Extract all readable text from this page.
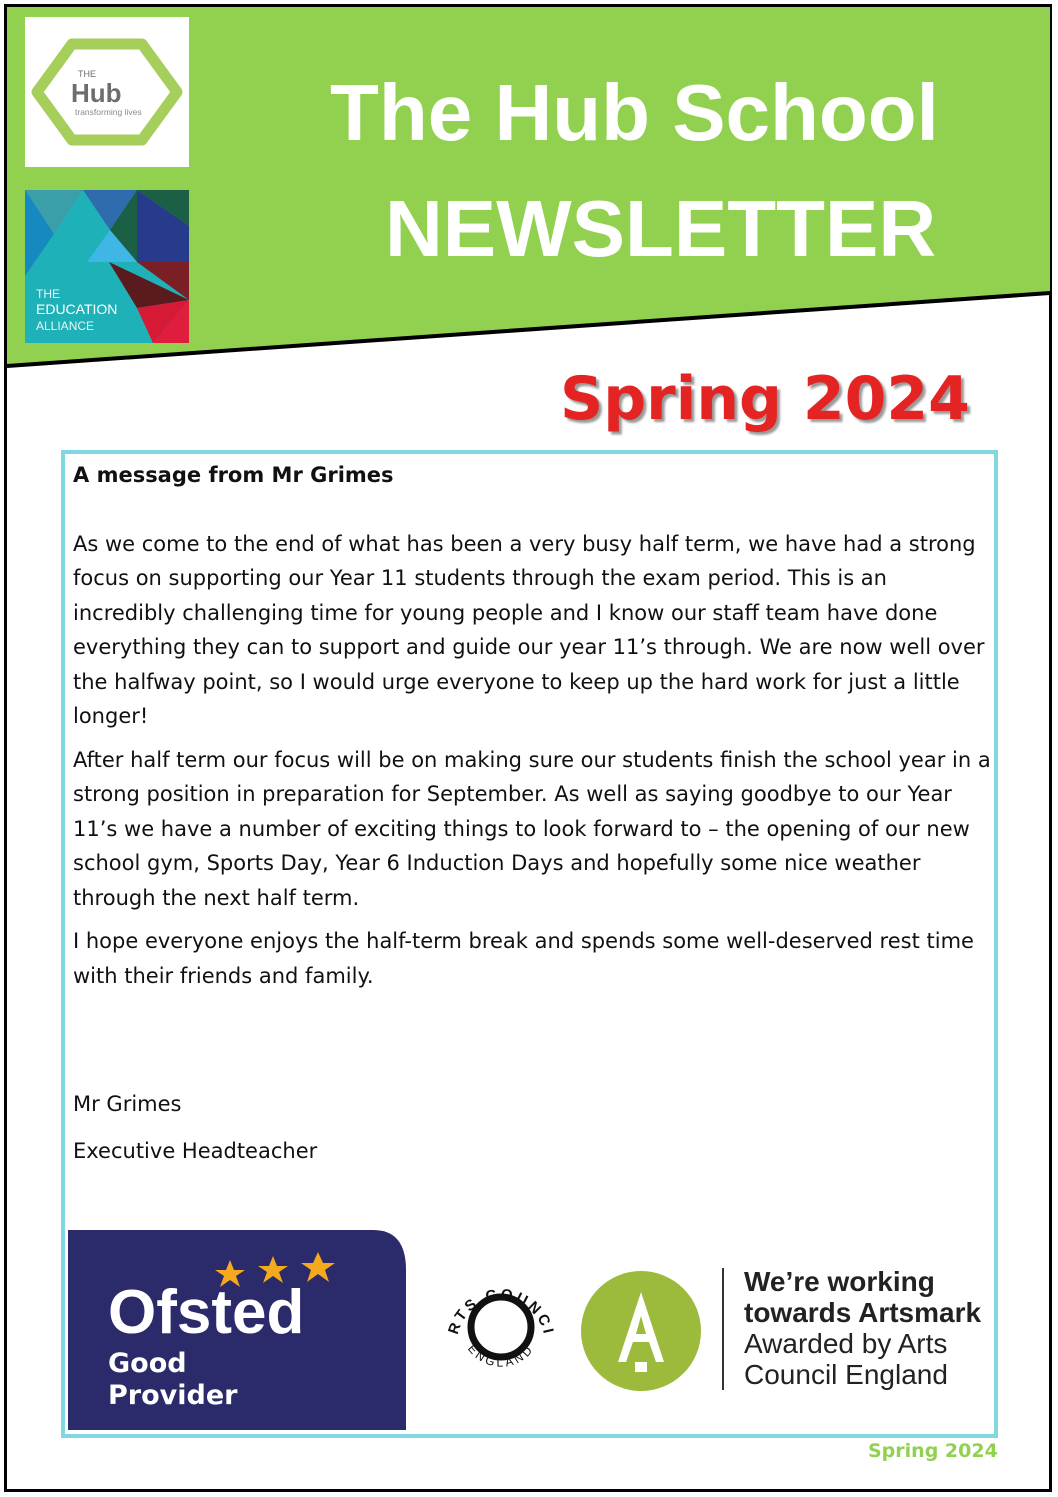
THE
Hub
transforming lives
THE
EDUCATION
ALLIANCE
The Hub School
NEWSLETTER
Spring 2024

A message from Mr Grimes

As we come to the end of what has been a very busy half term, we have had a strong focus on supporting our Year 11 students through the exam period. This is an incredibly challenging time for young people and I know our staff team have done everything they can to support and guide our year 11’s through. We are now well over the halfway point, so I would urge everyone to keep up the hard work for just a little longer!

After half term our focus will be on making sure our students finish the school year in a strong position in preparation for September. As well as saying goodbye to our Year 11’s we have a number of exciting things to look forward to – the opening of our new school gym, Sports Day, Year 6 Induction Days and hopefully some nice weather through the next half term.

I hope everyone enjoys the half-term break and spends some well-deserved rest time with their friends and family.

Mr Grimes

Executive Headteacher

Ofsted
Good
Provider
RTS COUNCI
ENGLAND
We’re working
towards Artsmark
Awarded by Arts
Council England
Spring 2024
